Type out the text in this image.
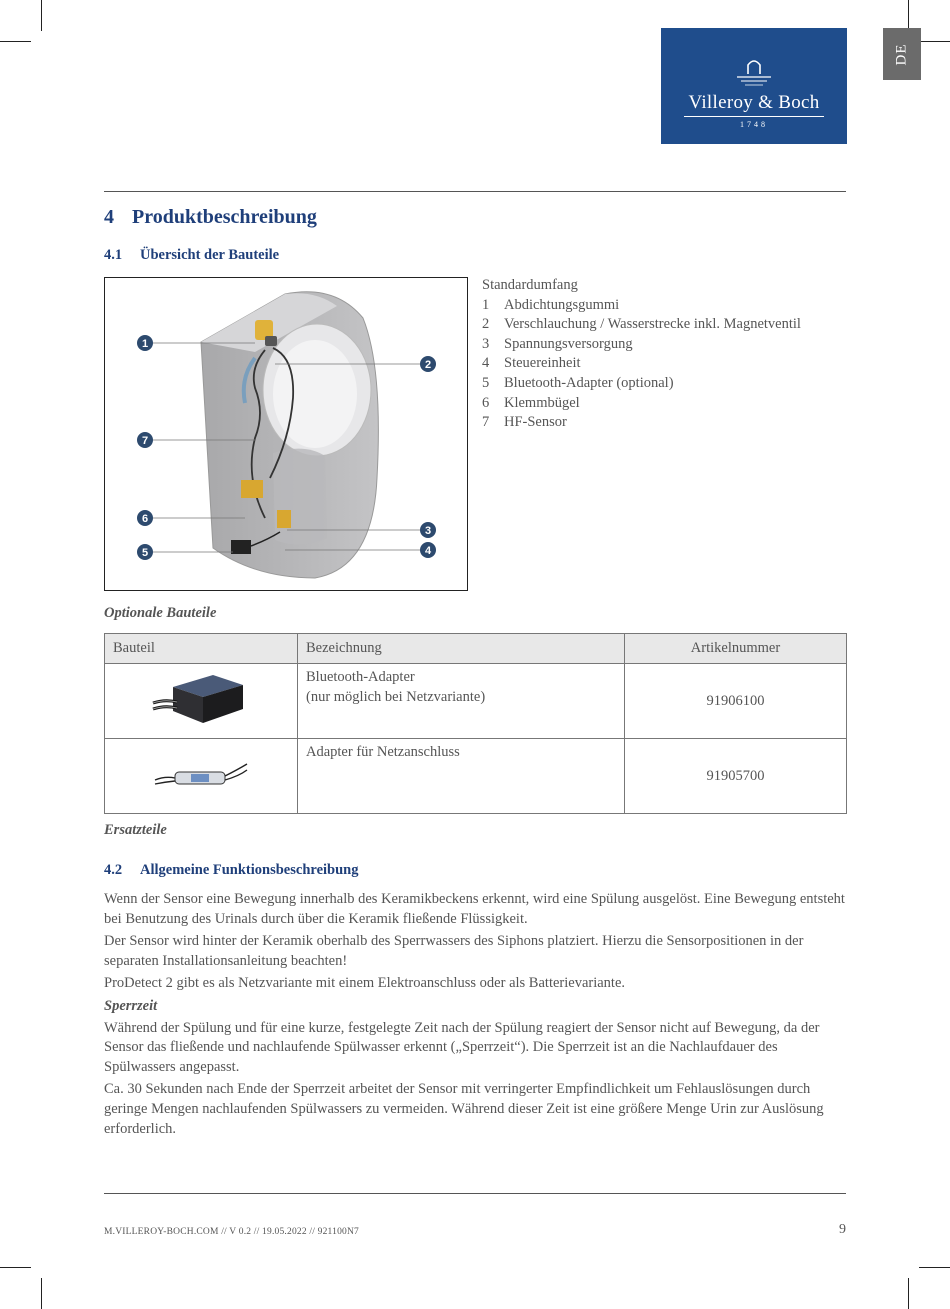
DE
Villeroy & Boch
1748
4 Produktbeschreibung
4.1 Übersicht der Bauteile
1
2
7
6
3
5	4
Standardumfang
1 Abdichtungsgummi
2 Verschlauchung / Wasserstrecke inkl. Magnetventil
3 Spannungsversorgung
4 Steuereinheit
5 Bluetooth-Adapter (optional)
6 Klemmbügel
7 HF-Sensor
Optionale Bauteile
Bauteil	Bezeichnung	Artikelnummer

Bluetooth-Adapter
(nur möglich bei Netzvariante)	91906100

Adapter für Netzanschluss	91905700
Ersatzteile
4.2 Allgemeine Funktionsbeschreibung

Wenn der Sensor eine Bewegung innerhalb des Keramikbeckens erkennt, wird eine Spülung ausgelöst. Eine Bewegung entsteht bei Benutzung des Urinals durch über die Keramik fließende Flüssigkeit.

Der Sensor wird hinter der Keramik oberhalb des Sperrwassers des Siphons platziert. Hierzu die Sensorpositionen in der separaten Installationsanleitung beachten!

ProDetect 2 gibt es als Netzvariante mit einem Elektroanschluss oder als Batterievariante.

Sperrzeit

Während der Spülung und für eine kurze, festgelegte Zeit nach der Spülung reagiert der Sensor nicht auf Bewegung, da der Sensor das fließende und nachlaufende Spülwasser erkennt („Sperrzeit“). Die Sperrzeit ist an die Nachlaufdauer des Spülwassers angepasst.

Ca. 30 Sekunden nach Ende der Sperrzeit arbeitet der Sensor mit verringerter Empfindlichkeit um Fehlauslösungen durch geringe Mengen nachlaufenden Spülwassers zu vermeiden. Während dieser Zeit ist eine größere Menge Urin zur Auslösung erforderlich.

M.VILLEROY-BOCH.COM // V 0.2 // 19.05.2022 // 921100N7	9
